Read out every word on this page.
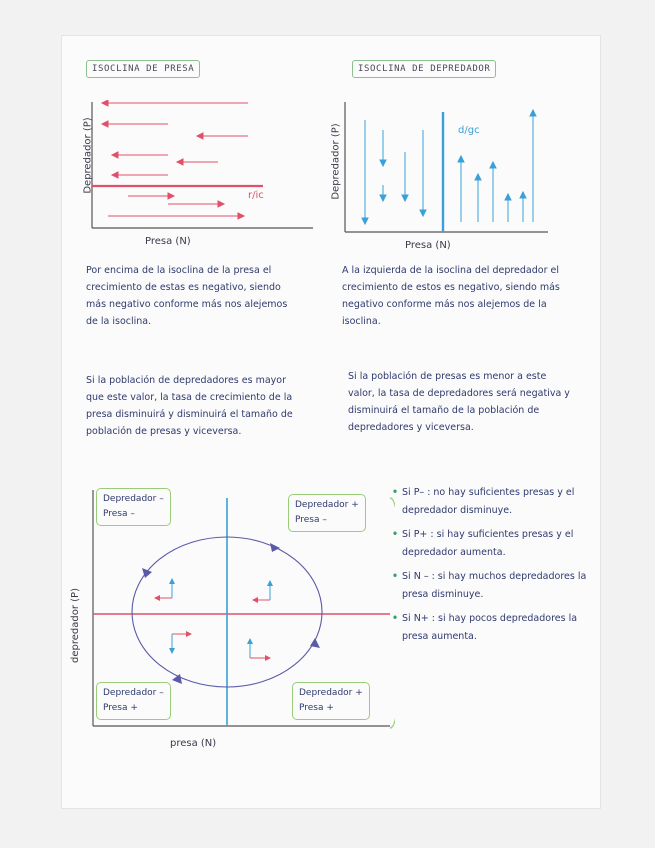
ISOCLINA DE PRESA
Depredador (P)
r/ic
Presa (N)
ISOCLINA DE DEPREDADOR
Depredador (P)	d/gc
Presa (N)
Por encima de la isoclina de la presa el crecimiento de estas es negativo, siendo más negativo conforme más nos alejemos de la isoclina.
A la izquierda de la isoclina del depredador el crecimiento de estos es negativo, siendo más negativo conforme más nos alejemos de la isoclina.
Si la población de depredadores es mayor que este valor, la tasa de crecimiento de la presa disminuirá y disminuirá el tamaño de población de presas y viceversa.
Si la población de presas es menor a este valor, la tasa de depredadores será negativa y disminuirá el tamaño de la población de depredadores y viceversa.
depredador (P)
Depredador –
Presa –
Depredador +
Presa –
Depredador –
Presa +
Depredador +
Presa +
presa (N)
• Si P– : no hay suficientes presas y el depredador disminuye.
• Si P+ : si hay suficientes presas y el depredador aumenta.
• Si N – : si hay muchos depredadores la presa disminuye.
• Si N+ : si hay pocos depredadores la presa aumenta.
